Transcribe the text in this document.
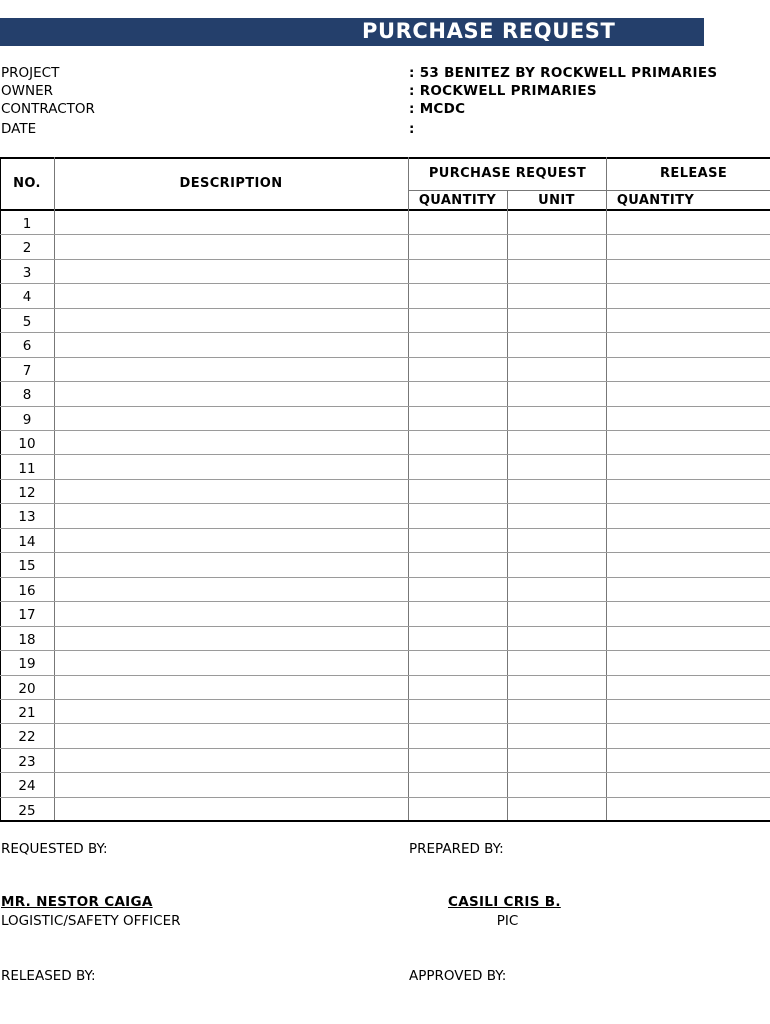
PURCHASE REQUEST
PROJECT	: 53 BENITEZ BY ROCKWELL PRIMARIES
OWNER	: ROCKWELL PRIMARIES
CONTRACTOR	: MCDC
DATE	:
NO.	DESCRIPTION
PURCHASE REQUEST	RELEASE
QUANTITY	UNIT	QUANTITY
1
2
3
4
5
6
7
8
9
10
11
12
13
14
15
16
17
18
19
20
21
22
23
24
25
REQUESTED BY:	PREPARED BY:
MR. NESTOR CAIGA
LOGISTIC/SAFETY OFFICER
CASILI CRIS B.
PIC
RELEASED BY:	APPROVED BY:
